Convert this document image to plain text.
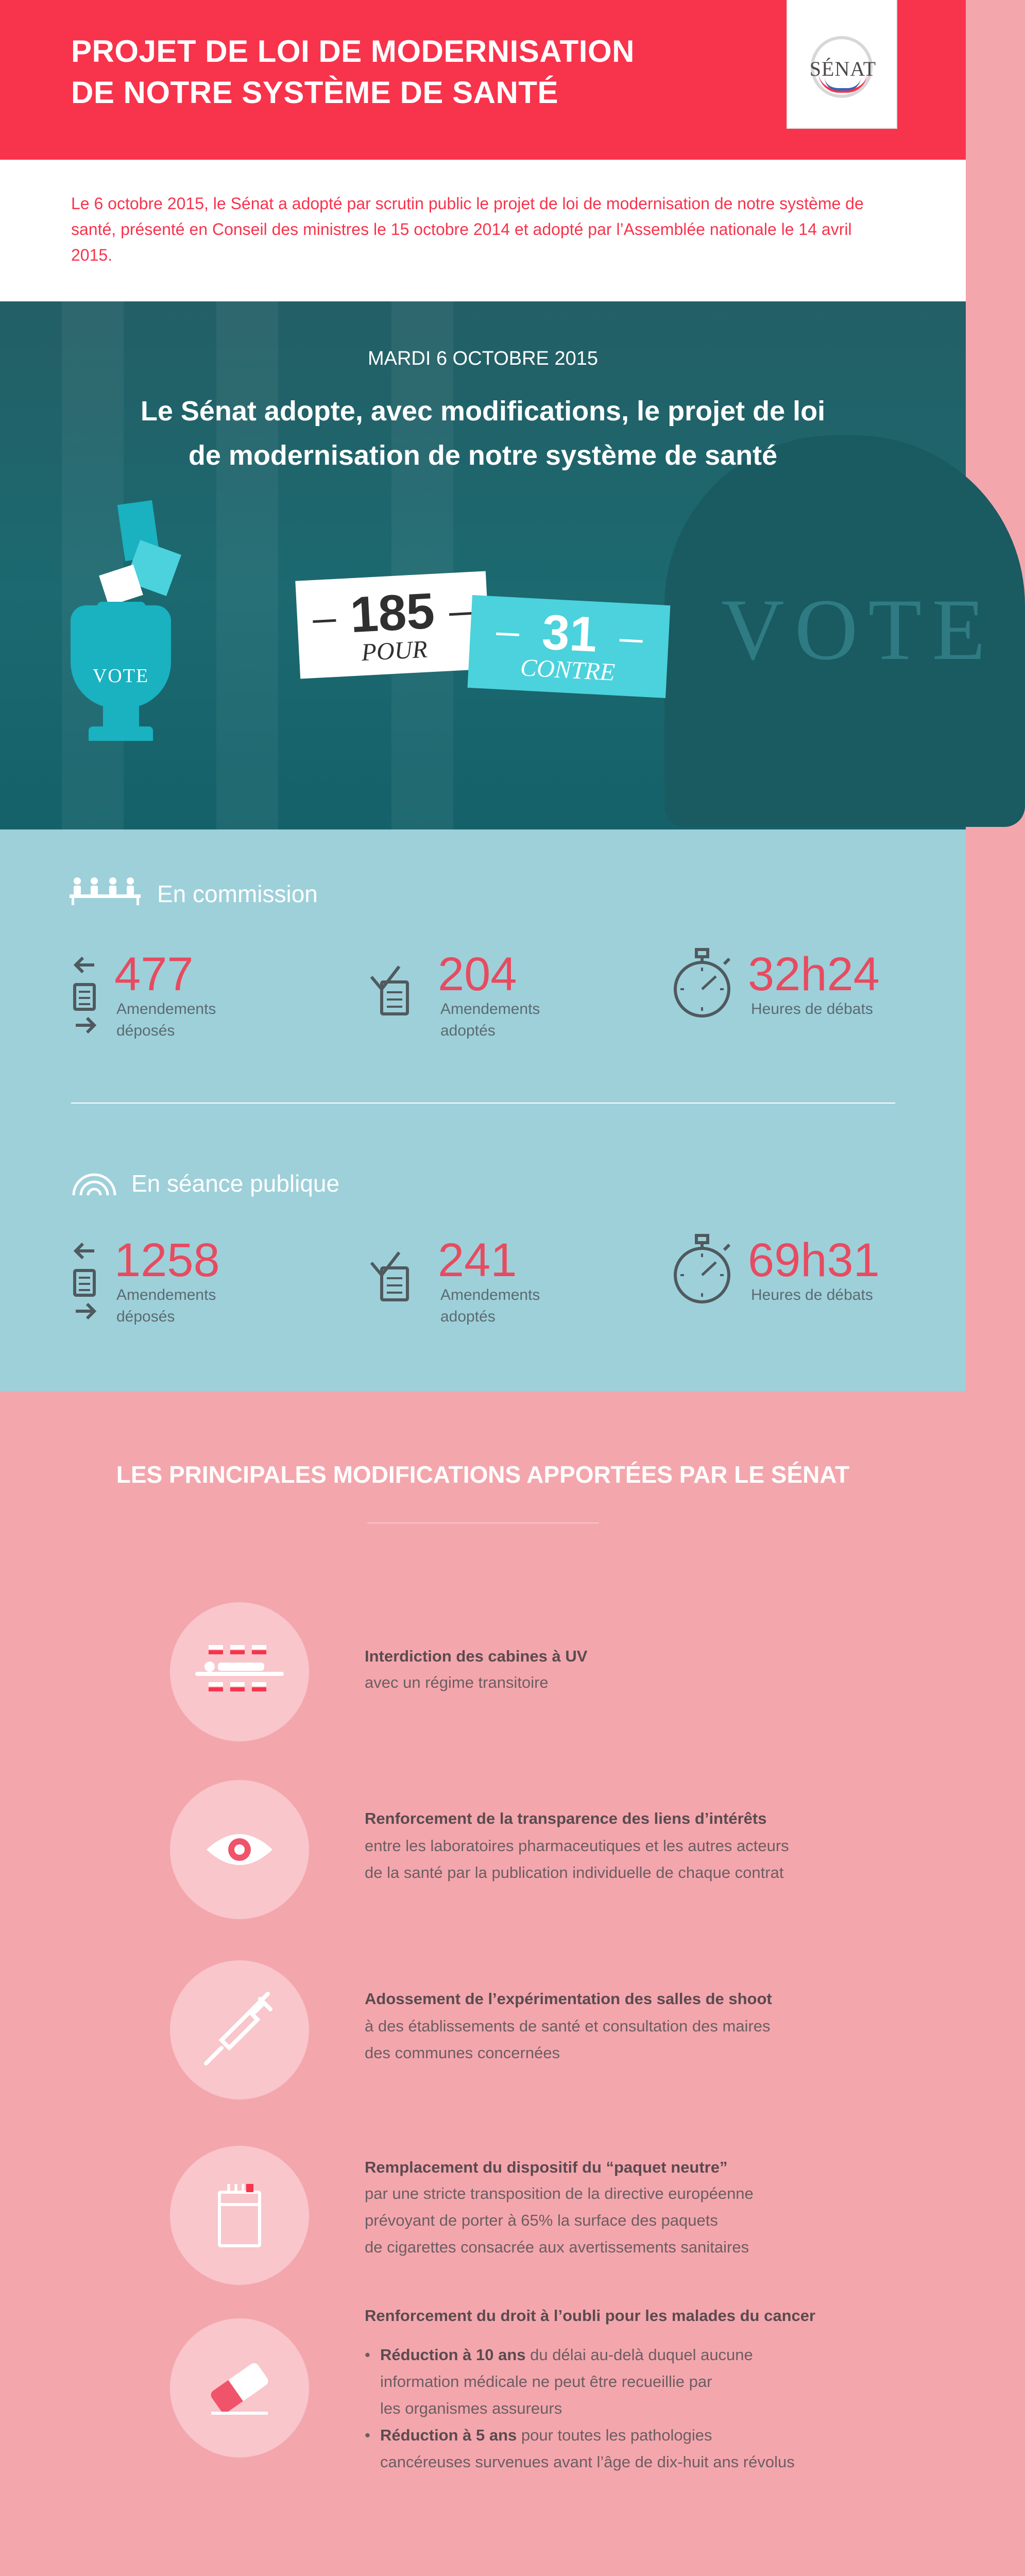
PROJET DE LOI DE MODERNISATION
DE NOTRE SYSTÈME DE SANTÉ
SÉNAT

Le 6 octobre 2015, le Sénat a adopté par scrutin public le projet de loi de modernisation de notre système de santé, présenté en Conseil des ministres le 15 octobre 2014 et adopté par l’Assemblée nationale le 14 avril 2015.

VOTE
MARDI 6 OCTOBRE 2015
Le Sénat adopte, avec modifications, le projet de loi
de modernisation de notre système de santé
VOTE
185
POUR	31
CONTRE
En commission
477
Amendements
déposés
204
Amendements
adoptés
32h24
Heures de débats
En séance publique
1258
Amendements
déposés
241
Amendements
adoptés
69h31
Heures de débats
LES PRINCIPALES MODIFICATIONS APPORTÉES PAR LE SÉNAT
Interdiction des cabines à UV
avec un régime transitoire
Renforcement de la transparence des liens d’intérêts
entre les laboratoires pharmaceutiques et les autres acteurs
de la santé par la publication individuelle de chaque contrat
Adossement de l’expérimentation des salles de shoot
à des établissements de santé et consultation des maires
des communes concernées
Remplacement du dispositif du “paquet neutre”
par une stricte transposition de la directive européenne
prévoyant de porter à 65% la surface des paquets
de cigarettes consacrée aux avertissements sanitaires
Renforcement du droit à l’oubli pour les malades du cancer
• Réduction à 10 ans du délai au-delà duquel aucune
information médicale ne peut être recueillie par
les organismes assureurs
• Réduction à 5 ans pour toutes les pathologies
cancéreuses survenues avant l’âge de dix-huit ans révolus
